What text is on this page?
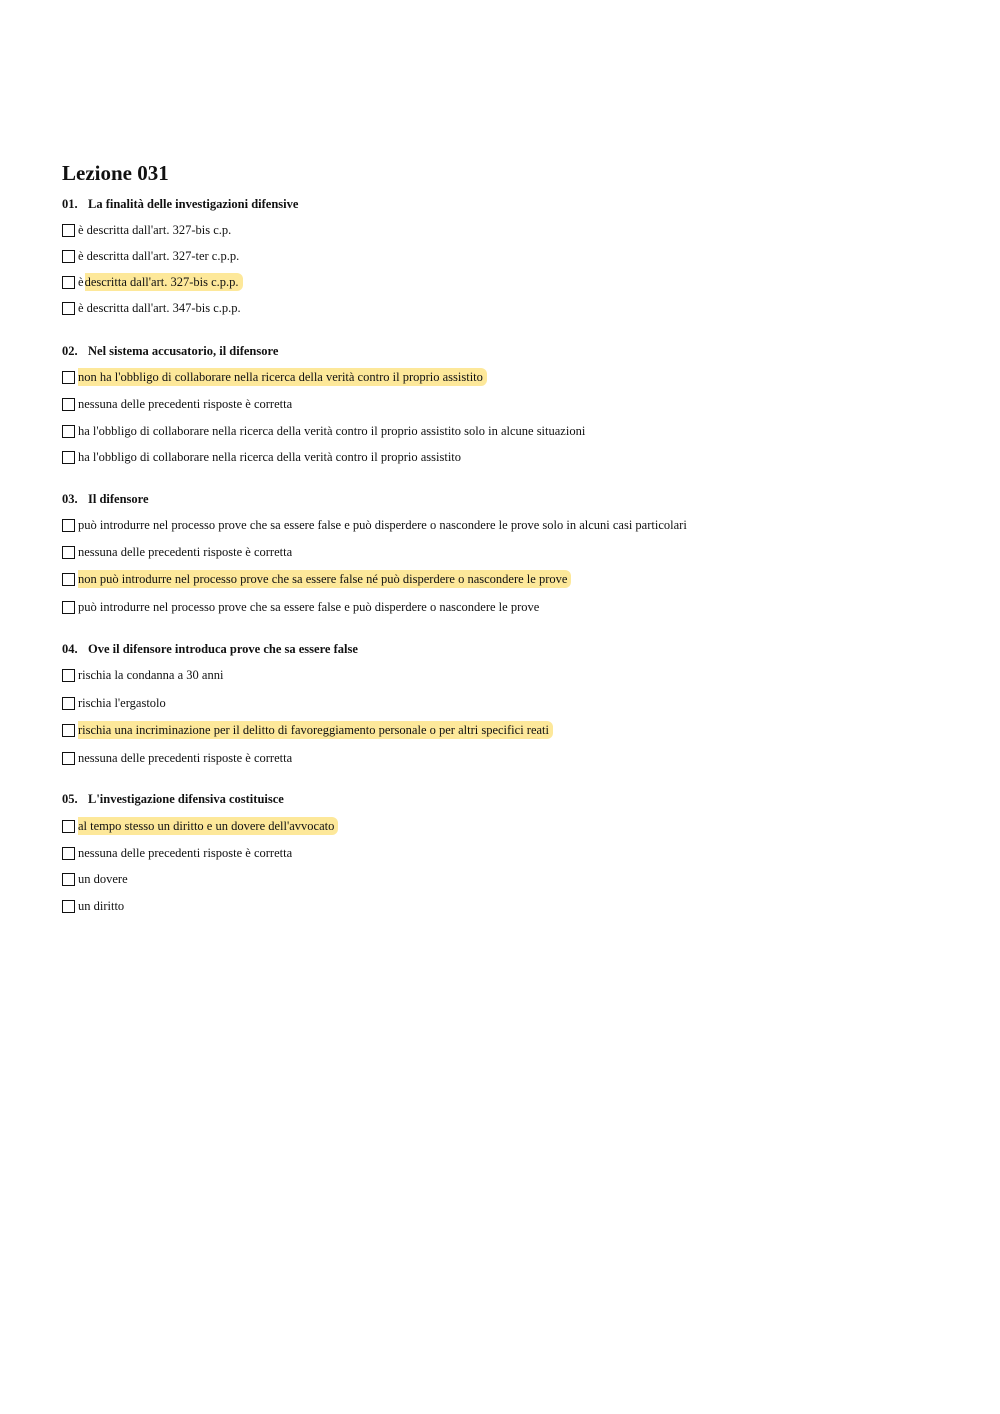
Lezione 031
01. La finalità delle investigazioni difensive
è descritta dall'art. 327-bis c.p.
è descritta dall'art. 327-ter c.p.p.
è descritta dall'art. 327-bis c.p.p.
è descritta dall'art. 347-bis c.p.p.
02. Nel sistema accusatorio, il difensore
non ha l'obbligo di collaborare nella ricerca della verità contro il proprio assistito
nessuna delle precedenti risposte è corretta
ha l'obbligo di collaborare nella ricerca della verità contro il proprio assistito solo in alcune situazioni
ha l'obbligo di collaborare nella ricerca della verità contro il proprio assistito
03. Il difensore
può introdurre nel processo prove che sa essere false e può disperdere o nascondere le prove solo in alcuni casi particolari
nessuna delle precedenti risposte è corretta
non può introdurre nel processo prove che sa essere false né può disperdere o nascondere le prove
può introdurre nel processo prove che sa essere false e può disperdere o nascondere le prove
04. Ove il difensore introduca prove che sa essere false
rischia la condanna a 30 anni
rischia l'ergastolo
rischia una incriminazione per il delitto di favoreggiamento personale o per altri specifici reati
nessuna delle precedenti risposte è corretta
05. L'investigazione difensiva costituisce
al tempo stesso un diritto e un dovere dell'avvocato
nessuna delle precedenti risposte è corretta
un dovere
un diritto
